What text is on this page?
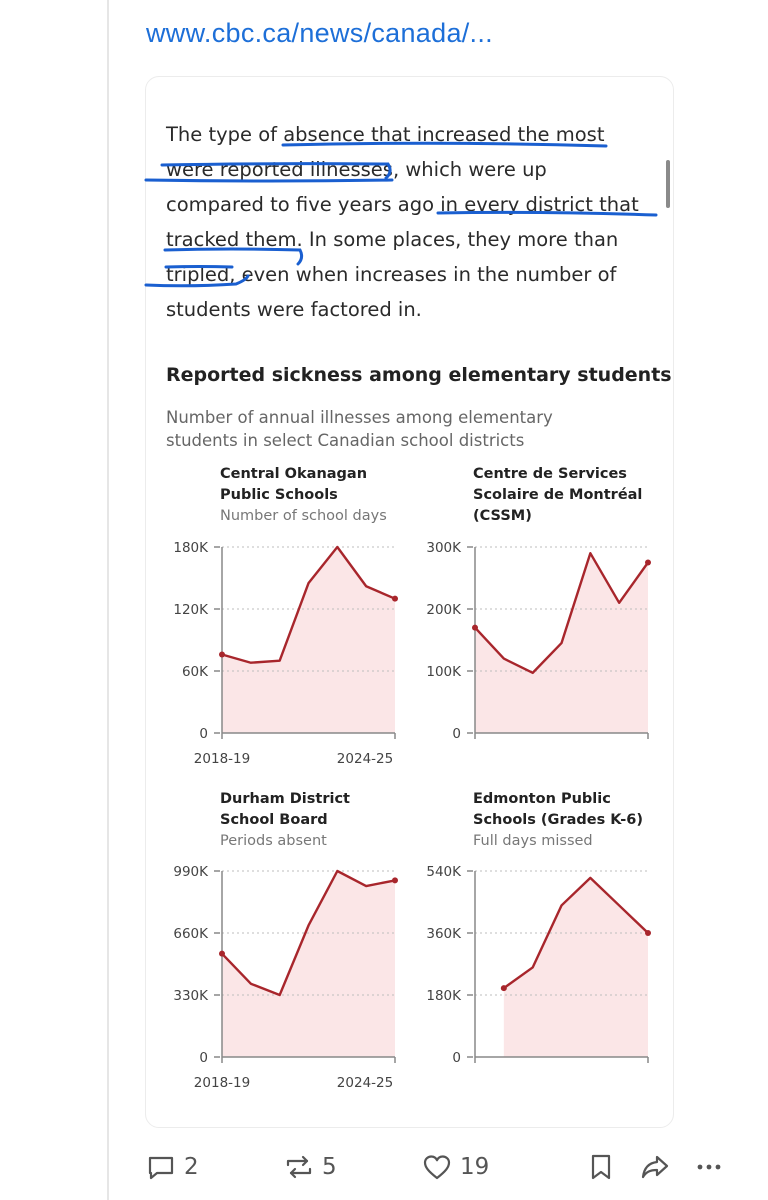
www.cbc.ca/news/canada/...

The type of absence that increased the most

were reported illnesses, which were up

compared to five years ago in every district that

tracked them. In some places, they more than

tripled, even when increases in the number of

students were factored in.

Reported sickness among elementary students
Number of annual illnesses among elementary
students in select Canadian school districts
Central Okanagan
Public Schools
Number of school days
Centre de Services
Scolaire de Montréal
(CSSM)
Durham District
School Board
Periods absent
Edmonton Public
Schools (Grades K-6)
Full days missed
0
60K
120K
180K
2018-19	2024-25
0
100K
200K
300K
0
330K
660K
990K
2018-19	2024-25
0
180K
360K
540K
2	5	19
